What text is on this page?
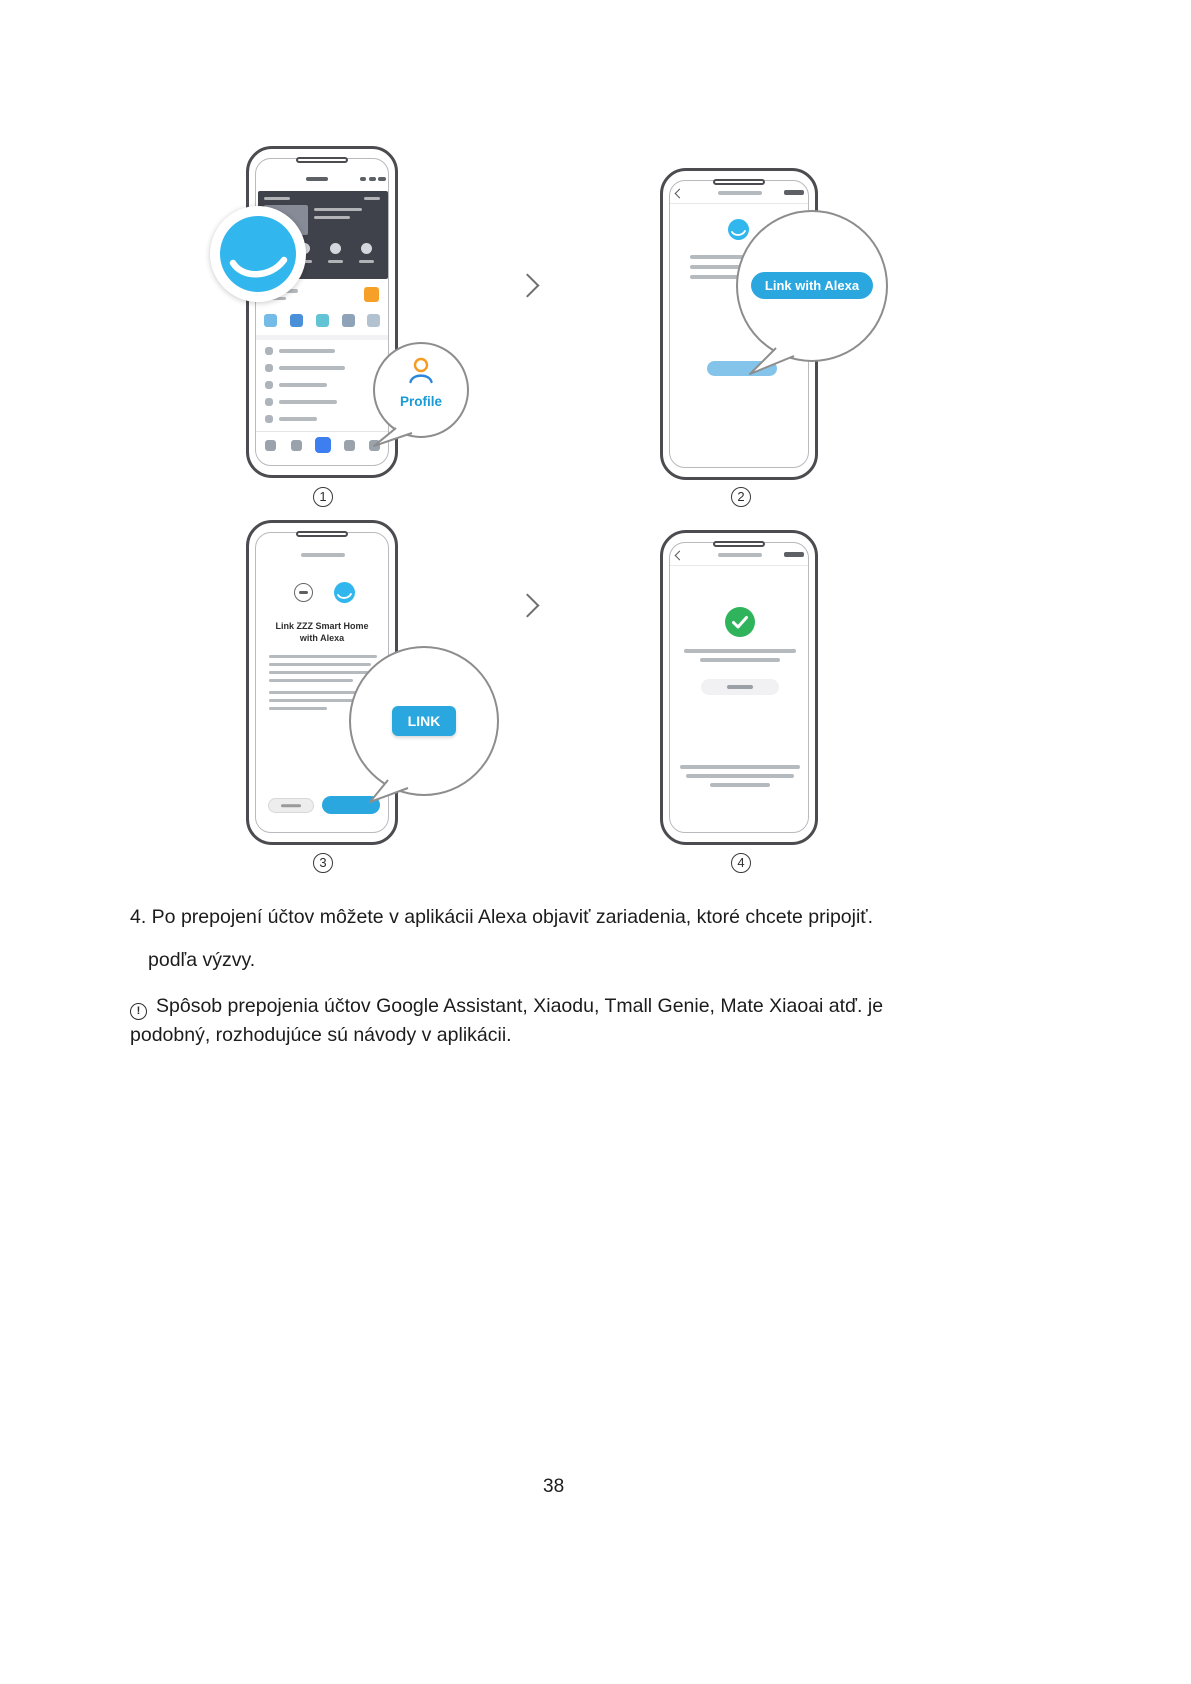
Profile
Link with Alexa
1	2
Link ZZZ Smart Home
with Alexa
LINK
3	4
4. Po prepojení účtov môžete v aplikácii Alexa objaviť zariadenia, ktoré chcete pripojiť.
podľa výzvy.
! Spôsob prepojenia účtov Google Assistant, Xiaodu, Tmall Genie, Mate Xiaoai atď. je podobný, rozhodujúce sú návody v aplikácii.
38
